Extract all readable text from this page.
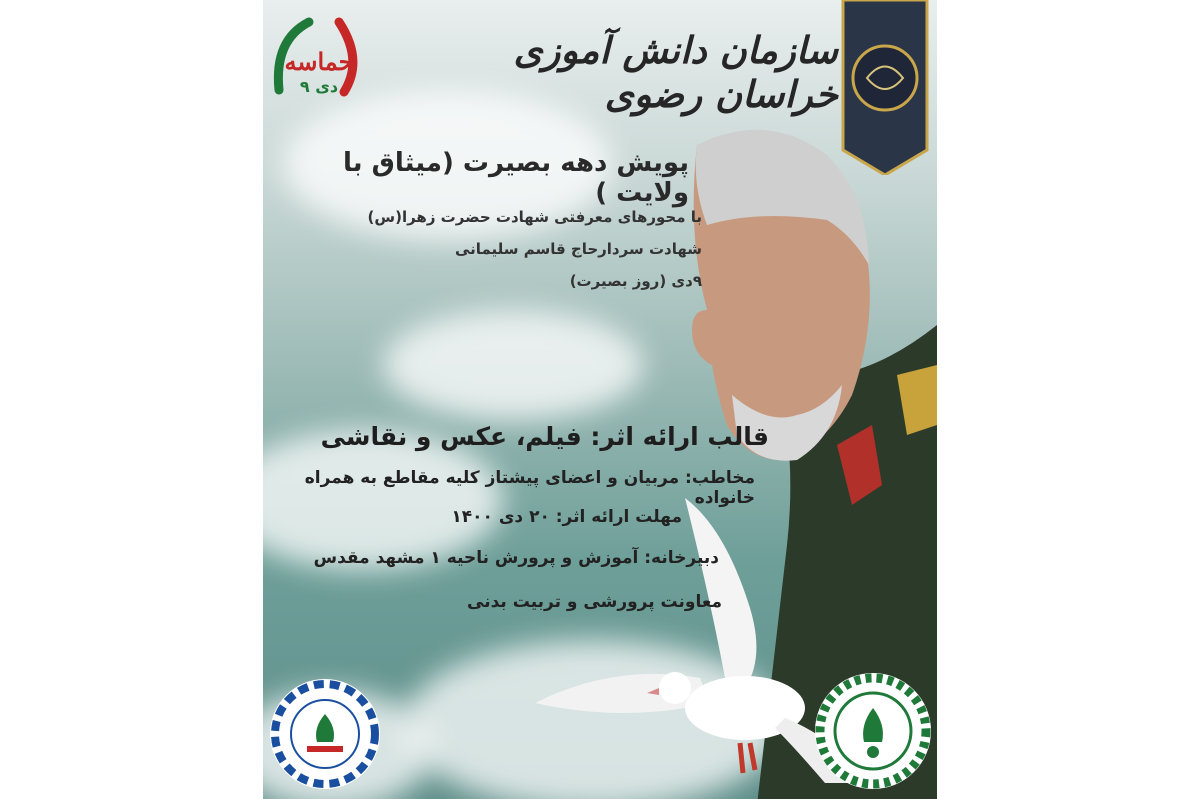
حماسه
۹ دی
سازمان دانش آموزی خراسان رضوی
پویش دهه بصیرت (میثاق با ولایت )
با محورهای معرفتی شهادت حضرت زهرا(س)
شهادت سردارحاج قاسم سلیمانی
۹دی (روز بصیرت)
قالب ارائه اثر: فیلم، عکس و نقاشی
مخاطب: مربیان و اعضای پیشتاز کلیه مقاطع به همراه خانواده
مهلت ارائه اثر: ۲۰ دی ۱۴۰۰
دبیرخانه: آموزش و پرورش ناحیه ۱ مشهد مقدس
معاونت پرورشی و تربیت بدنی
